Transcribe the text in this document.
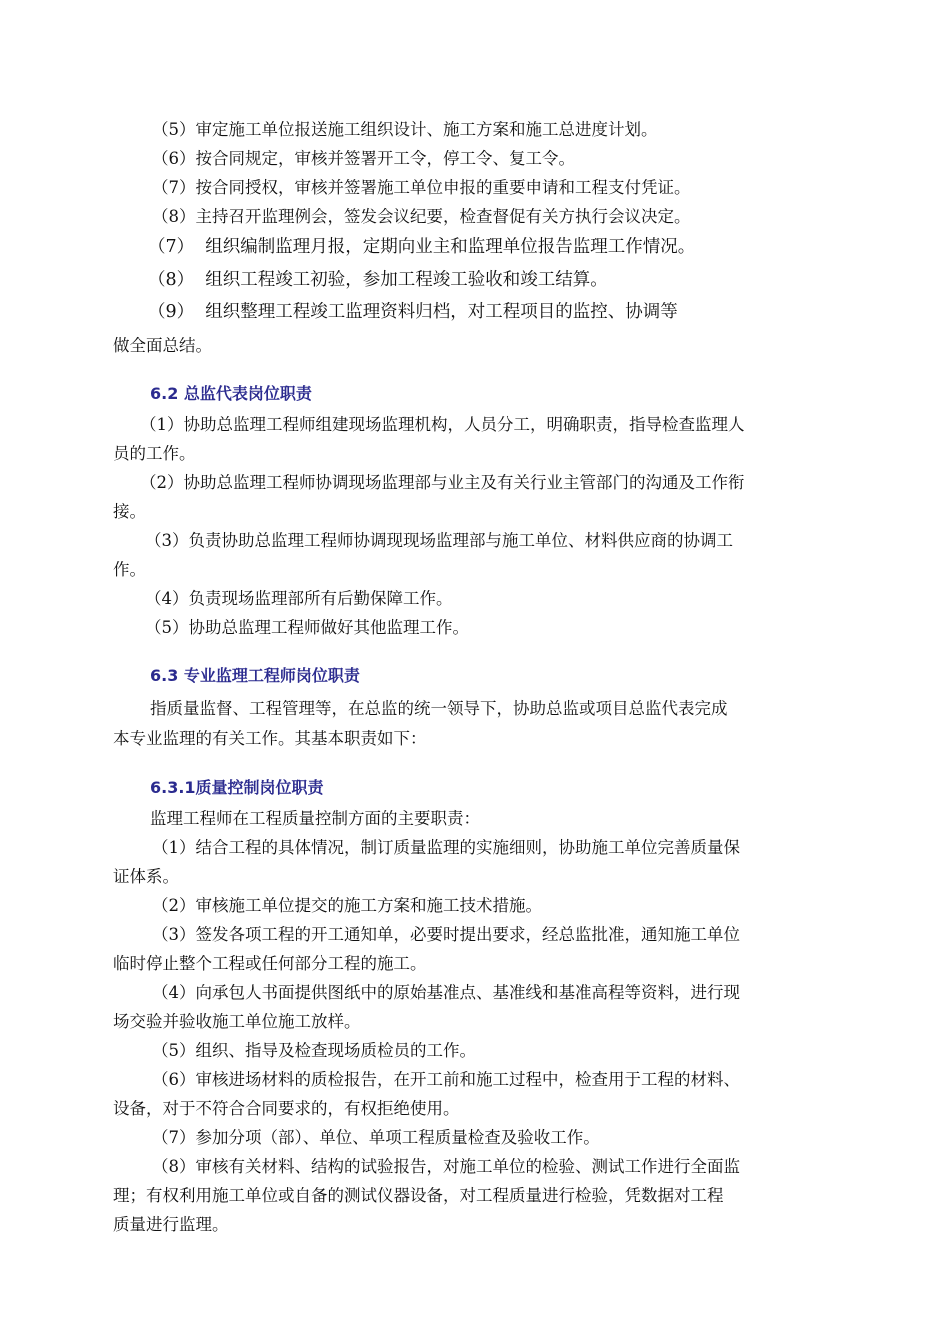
（5）审定施工单位报送施工组织设计、施工方案和施工总进度计划。
（6）按合同规定，审核并签署开工令，停工令、复工令。
（7）按合同授权，审核并签署施工单位申报的重要申请和工程支付凭证。
（8）主持召开监理例会，签发会议纪要，检查督促有关方执行会议决定。
（7）  组织编制监理月报，定期向业主和监理单位报告监理工作情况。
（8）  组织工程竣工初验，参加工程竣工验收和竣工结算。
（9）  组织整理工程竣工监理资料归档，对工程项目的监控、协调等
做全面总结。
6.2 总监代表岗位职责
（1）协助总监理工程师组建现场监理机构，人员分工，明确职责，指导检查监理人
员的工作。
（2）协助总监理工程师协调现场监理部与业主及有关行业主管部门的沟通及工作衔
接。
（3）负责协助总监理工程师协调现现场监理部与施工单位、材料供应商的协调工
作。
（4）负责现场监理部所有后勤保障工作。
（5）协助总监理工程师做好其他监理工作。
6.3 专业监理工程师岗位职责
指质量监督、工程管理等，在总监的统一领导下，协助总监或项目总监代表完成
本专业监理的有关工作。其基本职责如下：
6.3.1质量控制岗位职责
监理工程师在工程质量控制方面的主要职责：
（1）结合工程的具体情况，制订质量监理的实施细则，协助施工单位完善质量保
证体系。
（2）审核施工单位提交的施工方案和施工技术措施。
（3）签发各项工程的开工通知单，必要时提出要求，经总监批准，通知施工单位
临时停止整个工程或任何部分工程的施工。
（4）向承包人书面提供图纸中的原始基准点、基准线和基准高程等资料，进行现
场交验并验收施工单位施工放样。
（5）组织、指导及检查现场质检员的工作。
（6）审核进场材料的质检报告，在开工前和施工过程中，检查用于工程的材料、
设备，对于不符合合同要求的，有权拒绝使用。
（7）参加分项（部）、单位、单项工程质量检查及验收工作。
（8）审核有关材料、结构的试验报告，对施工单位的检验、测试工作进行全面监
理；有权利用施工单位或自备的测试仪器设备，对工程质量进行检验，凭数据对工程
质量进行监理。
